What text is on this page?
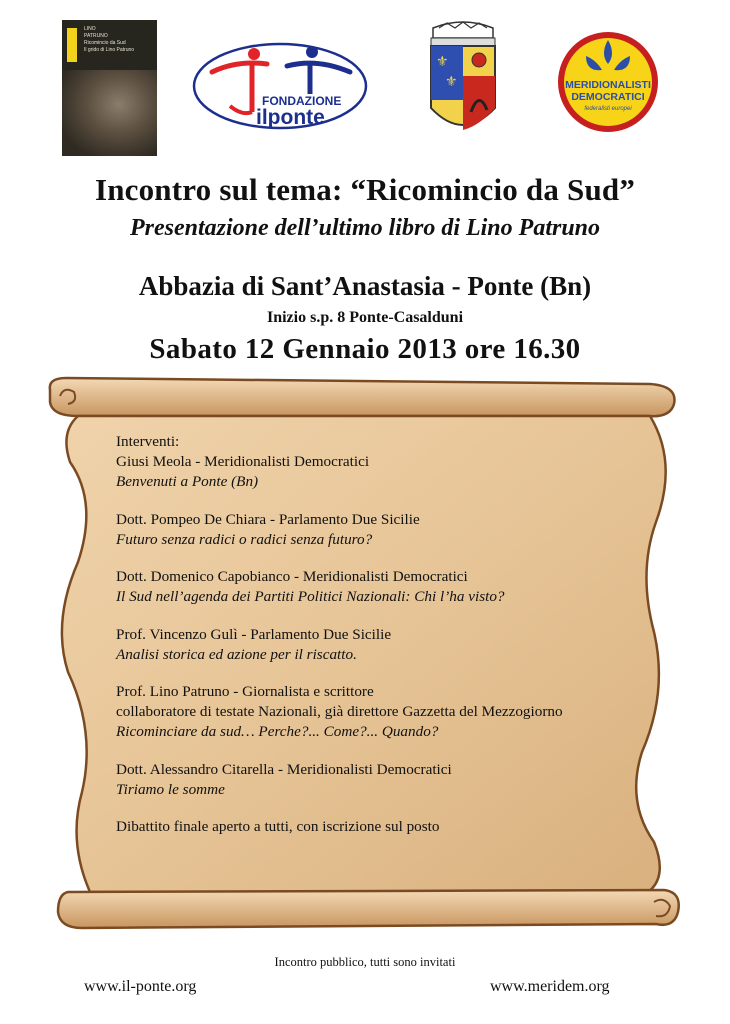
LINO
PATRUNO
Ricomincio da Sud
Il grido di Lino Patruno
FONDAZIONE
ilponte
⚜
⚜	MERIDIONALISTI
DEMOCRATICI
federalisti europei
Incontro sul tema: “Ricomincio da Sud”
Presentazione dell’ultimo libro di Lino Patruno
Abbazia di Sant’Anastasia - Ponte (Bn)
Inizio s.p. 8 Ponte-Casalduni
Sabato 12 Gennaio 2013 ore 16.30
Interventi:
Giusi Meola - Meridionalisti Democratici
Benvenuti a Ponte (Bn)
Dott. Pompeo De Chiara - Parlamento Due Sicilie
Futuro senza radici o radici senza futuro?
Dott. Domenico Capobianco - Meridionalisti Democratici
Il Sud nell’agenda dei Partiti Politici Nazionali: Chi l’ha visto?
Prof. Vincenzo Gulì - Parlamento Due Sicilie
Analisi storica ed azione per il riscatto.
Prof. Lino Patruno - Giornalista e scrittore
collaboratore di testate Nazionali, già direttore Gazzetta del Mezzogiorno
Ricominciare da sud… Perche?... Come?... Quando?
Dott. Alessandro Citarella - Meridionalisti Democratici
Tiriamo le somme
Dibattito finale aperto a tutti, con iscrizione sul posto
Incontro pubblico, tutti sono invitati
www.il-ponte.org	www.meridem.org
